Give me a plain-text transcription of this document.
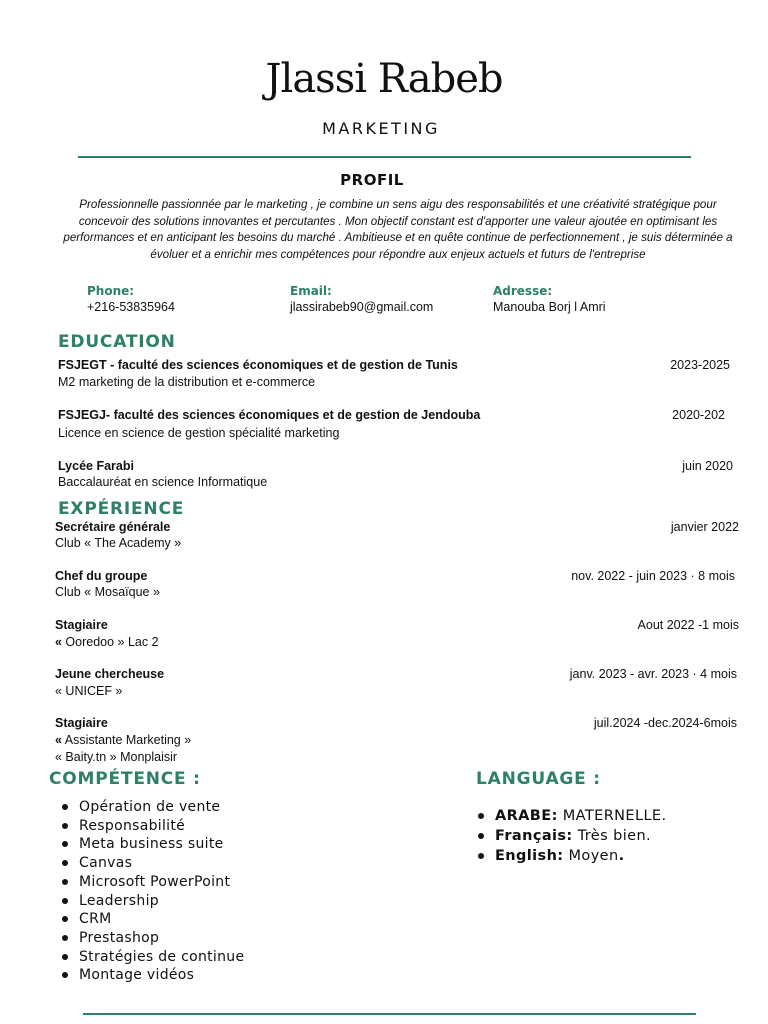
Jlassi Rabeb
MARKETING
PROFIL
Professionnelle passionnée par le marketing , je combine un sens aigu des responsabilités et une créativité stratégique pour concevoir des solutions innovantes et percutantes . Mon objectif constant est d'apporter une valeur ajoutée en optimisant les performances et en anticipant les besoins du marché . Ambitieuse et en quête continue de perfectionnement , je suis déterminée a évoluer et a enrichir mes compétences pour répondre aux enjeux actuels et futurs de l'entreprise
Phone:
+216-53835964
Email:
jlassirabeb90@gmail.com
Adresse:
Manouba Borj l Amri
EDUCATION
FSJEGT - faculté des sciences économiques et de gestion de Tunis
M2 marketing de la distribution et e-commerce
2023-2025
FSJEGJ- faculté des sciences économiques et de gestion de Jendouba
Licence en science de gestion spécialité marketing
2020-202
Lycée Farabi
Baccalauréat en science Informatique
juin 2020
EXPÉRIENCE
Secrétaire générale
Club « The Academy »
janvier 2022
Chef du groupe
Club « Mosaïque »
nov. 2022 - juin 2023 · 8 mois
Stagiaire
« Ooredoo » Lac 2
Aout 2022 -1 mois
Jeune chercheuse
« UNICEF »
janv. 2023 - avr. 2023 · 4 mois
Stagiaire
« Assistante Marketing »
« Baity.tn » Monplaisir
juil.2024 -dec.2024-6mois
COMPÉTENCE :
Opération de vente
Responsabilité
Meta business suite
Canvas
Microsoft PowerPoint
Leadership
CRM
Prestashop
Stratégies de continue
Montage vidéos
LANGUAGE :
ARABE: MATERNELLE.
Français: Très bien.
English: Moyen.
